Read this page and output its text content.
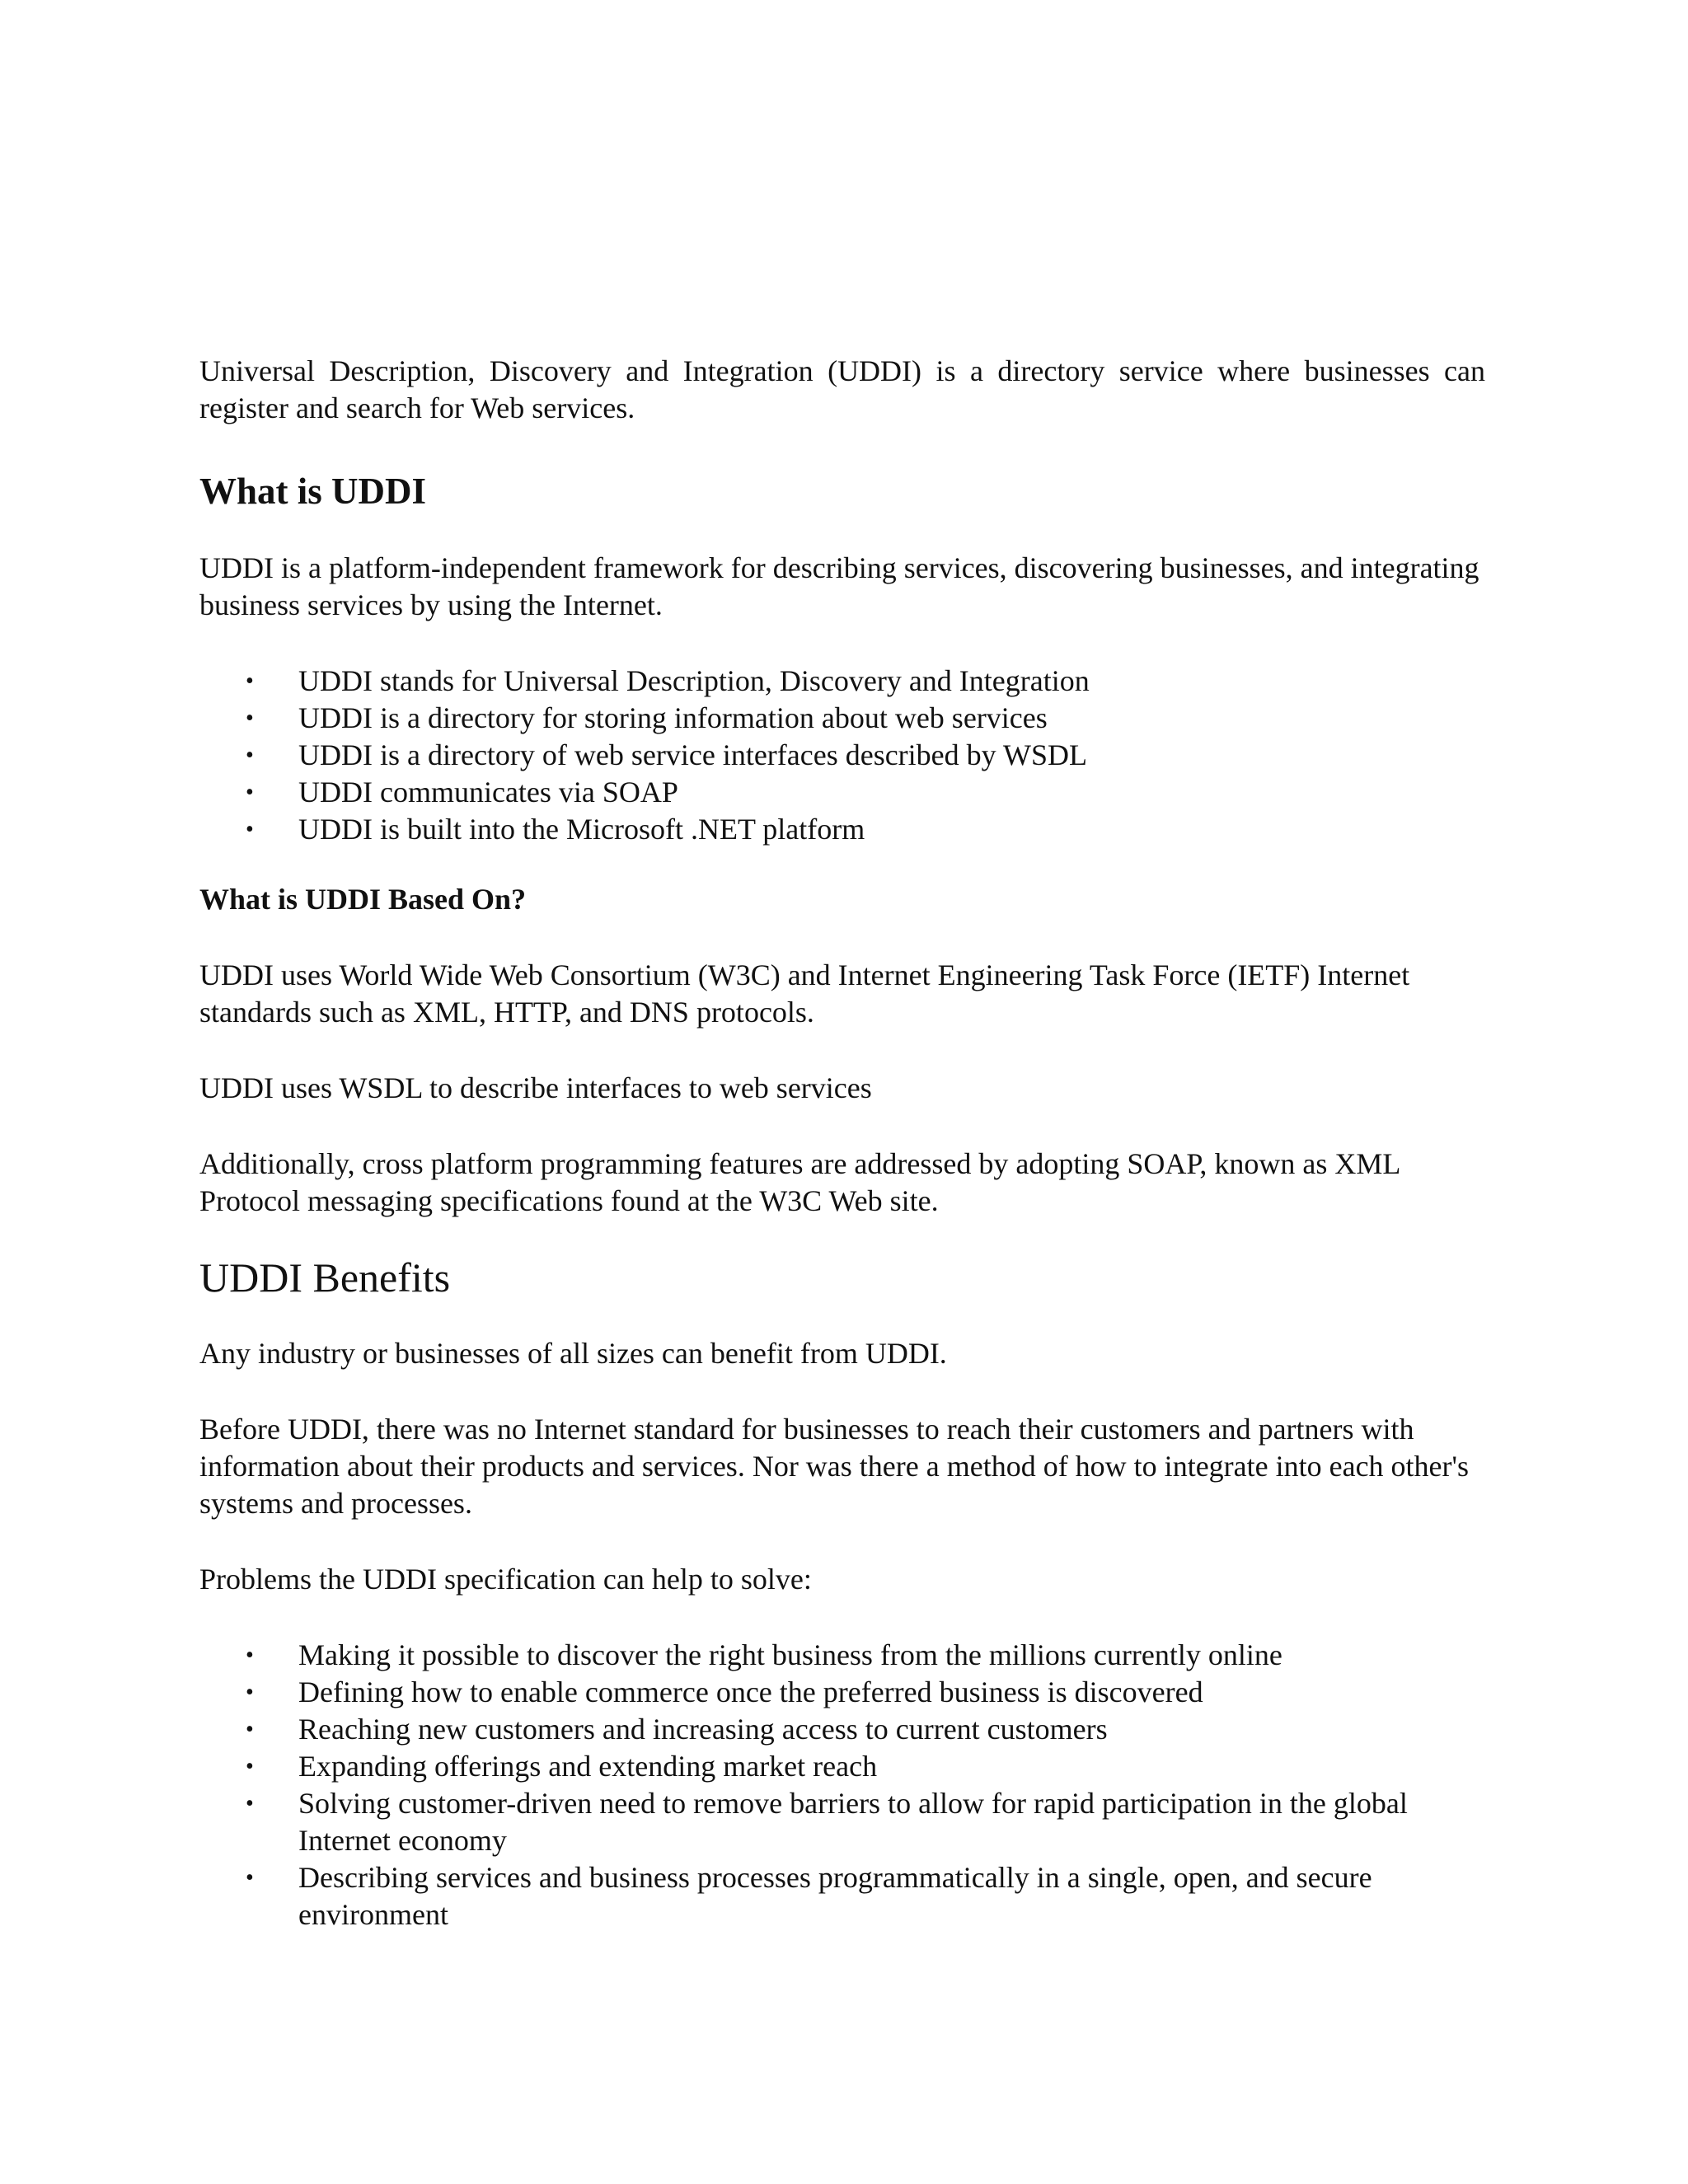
Universal Description, Discovery and Integration (UDDI) is a directory service where businesses can register and search for Web services.

What is UDDI

UDDI is a platform-independent framework for describing services, discovering businesses, and integrating business services by using the Internet.

• UDDI stands for Universal Description, Discovery and Integration
• UDDI is a directory for storing information about web services
• UDDI is a directory of web service interfaces described by WSDL
• UDDI communicates via SOAP
• UDDI is built into the Microsoft .NET platform
What is UDDI Based On?

UDDI uses World Wide Web Consortium (W3C) and Internet Engineering Task Force (IETF) Internet standards such as XML, HTTP, and DNS protocols.

UDDI uses WSDL to describe interfaces to web services

Additionally, cross platform programming features are addressed by adopting SOAP, known as XML Protocol messaging specifications found at the W3C Web site.

UDDI Benefits

Any industry or businesses of all sizes can benefit from UDDI.

Before UDDI, there was no Internet standard for businesses to reach their customers and partners with information about their products and services. Nor was there a method of how to integrate into each other's systems and processes.

Problems the UDDI specification can help to solve:

• Making it possible to discover the right business from the millions currently online
• Defining how to enable commerce once the preferred business is discovered
• Reaching new customers and increasing access to current customers
• Expanding offerings and extending market reach
• Solving customer-driven need to remove barriers to allow for rapid participation in the global Internet economy
• Describing services and business processes programmatically in a single, open, and secure environment
